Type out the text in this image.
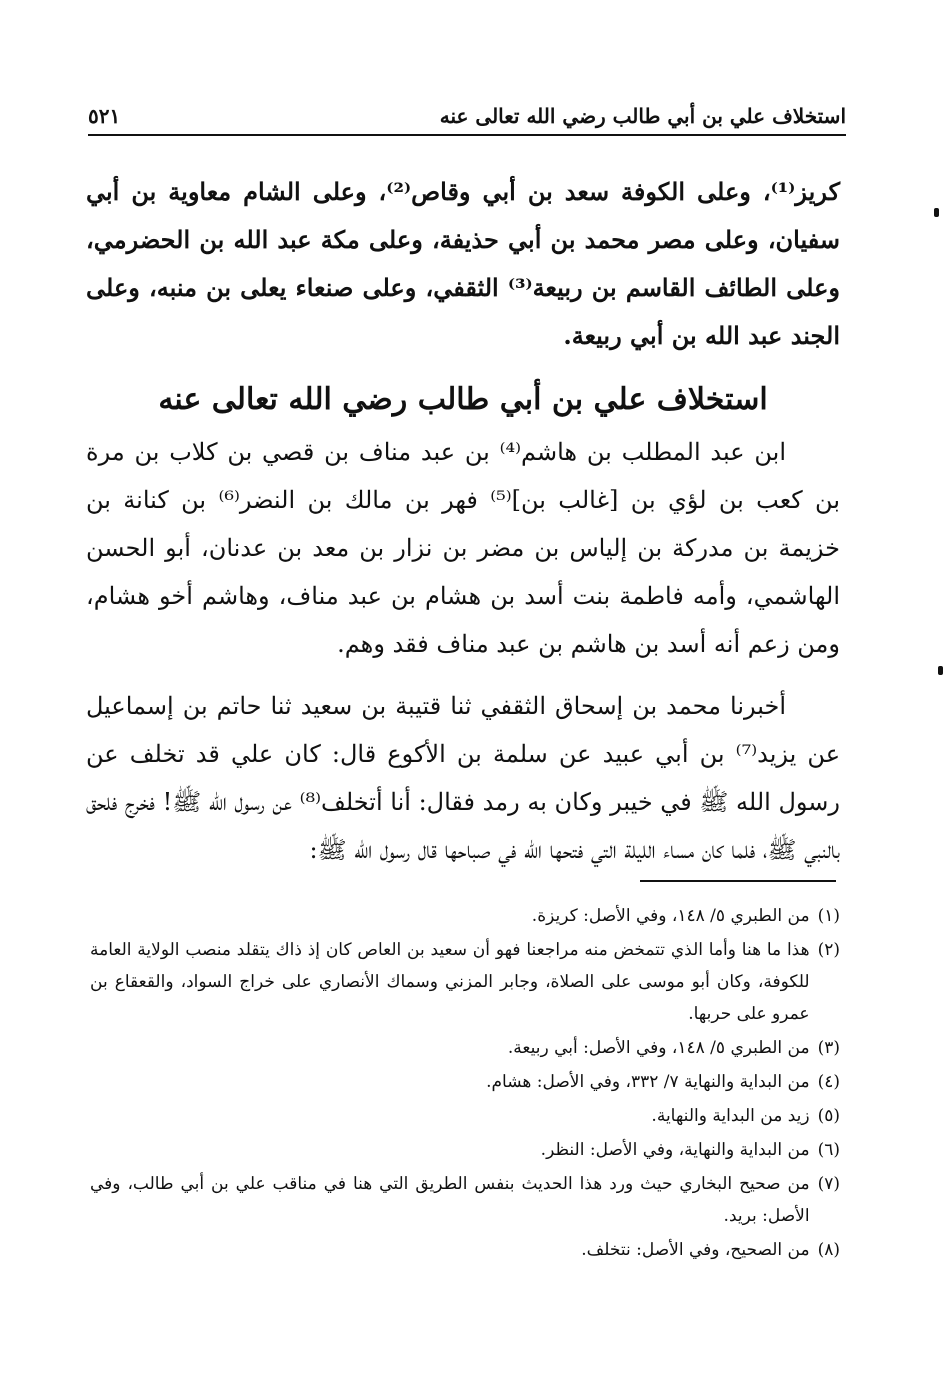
٥٢١	استخلاف علي بن أبي طالب رضي الله تعالى عنه

كريز⁽¹⁾، وعلى الكوفة سعد بن أبي وقاص⁽²⁾، وعلى الشام معاوية بن أبي سفيان، وعلى مصر محمد بن أبي حذيفة، وعلى مكة عبد الله بن الحضرمي، وعلى الطائف القاسم بن ربيعة⁽³⁾ الثقفي، وعلى صنعاء يعلى بن منبه، وعلى الجند عبد الله بن أبي ربيعة.

استخلاف علي بن أبي طالب رضي الله تعالى عنه

ابن عبد المطلب بن هاشم⁽⁴⁾ بن عبد مناف بن قصي بن كلاب بن مرة بن كعب بن لؤي بن [غالب بن]⁽⁵⁾ فهر بن مالك بن النضر⁽⁶⁾ بن كنانة بن خزيمة بن مدركة بن إلياس بن مضر بن نزار بن معد بن عدنان، أبو الحسن الهاشمي، وأمه فاطمة بنت أسد بن هشام بن عبد مناف، وهاشم أخو هشام، ومن زعم أنه أسد بن هاشم بن عبد مناف فقد وهم.

أخبرنا محمد بن إسحاق الثقفي ثنا قتيبة بن سعيد ثنا حاتم بن إسماعيل عن يزيد⁽⁷⁾ بن أبي عبيد عن سلمة بن الأكوع قال: كان علي قد تخلف عن رسول الله ﷺ في خيبر وكان به رمد فقال: أنا أتخلف⁽⁸⁾ عن رسول الله ﷺ! فخرج فلحق بالنبي ﷺ، فلما كان مساء الليلة التي فتحها الله في صباحها قال رسول الله ﷺ:

(١)
من الطبري ٥/ ١٤٨، وفي الأصل: كريزة.
(٢)
هذا ما هنا وأما الذي تتمخض منه مراجعنا فهو أن سعيد بن العاص كان إذ ذاك يتقلد منصب الولاية العامة للكوفة، وكان أبو موسى على الصلاة، وجابر المزني وسماك الأنصاري على خراج السواد، والقعقاع بن عمرو على حربها.
(٣)
من الطبري ٥/ ١٤٨، وفي الأصل: أبي ربيعة.
(٤)
من البداية والنهاية ٧/ ٣٣٢، وفي الأصل: هشام.
(٥)
زيد من البداية والنهاية.
(٦)
من البداية والنهاية، وفي الأصل: النظر.
(٧)
من صحيح البخاري حيث ورد هذا الحديث بنفس الطريق التي هنا في مناقب علي بن أبي طالب، وفي الأصل: بريد.
(٨)
من الصحيح، وفي الأصل: نتخلف.
